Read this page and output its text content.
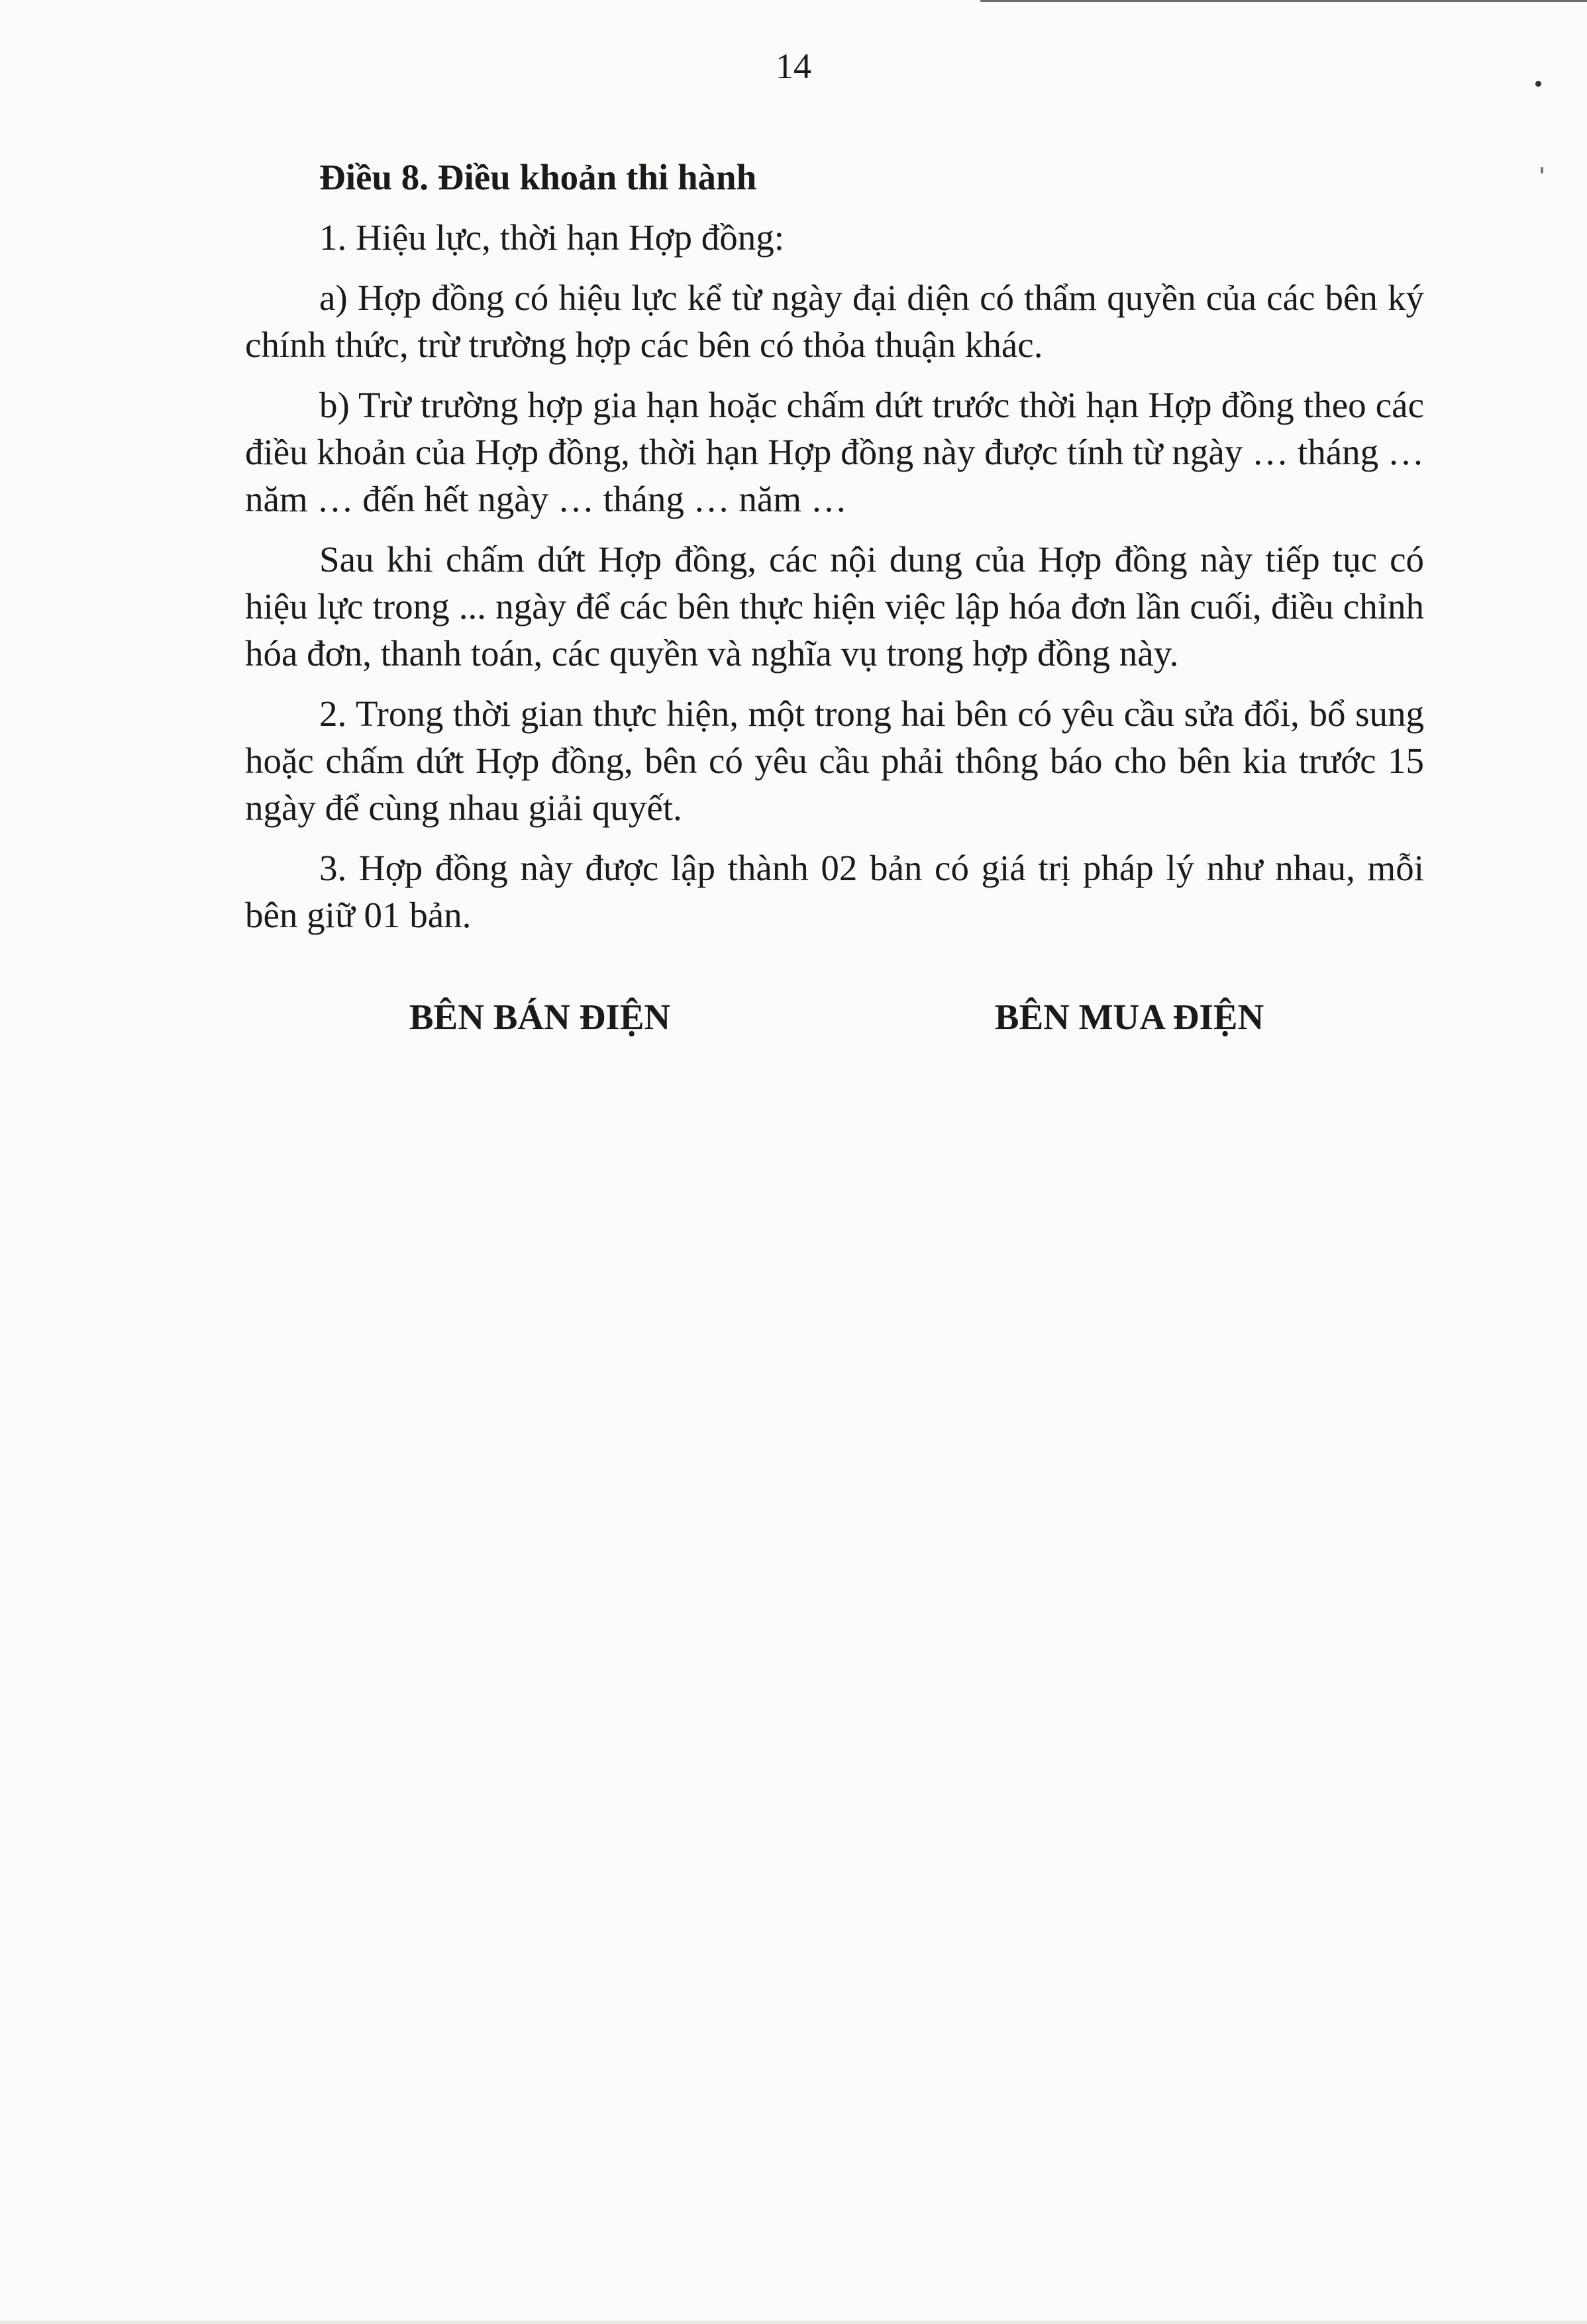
14

Điều 8. Điều khoản thi hành

1. Hiệu lực, thời hạn Hợp đồng:

a) Hợp đồng có hiệu lực kể từ ngày đại diện có thẩm quyền của các bên ký chính thức, trừ trường hợp các bên có thỏa thuận khác.

b) Trừ trường hợp gia hạn hoặc chấm dứt trước thời hạn Hợp đồng theo các điều khoản của Hợp đồng, thời hạn Hợp đồng này được tính từ ngày … tháng … năm … đến hết ngày … tháng … năm …

Sau khi chấm dứt Hợp đồng, các nội dung của Hợp đồng này tiếp tục có hiệu lực trong ... ngày để các bên thực hiện việc lập hóa đơn lần cuối, điều chỉnh hóa đơn, thanh toán, các quyền và nghĩa vụ trong hợp đồng này.

2. Trong thời gian thực hiện, một trong hai bên có yêu cầu sửa đổi, bổ sung hoặc chấm dứt Hợp đồng, bên có yêu cầu phải thông báo cho bên kia trước 15 ngày để cùng nhau giải quyết.

3. Hợp đồng này được lập thành 02 bản có giá trị pháp lý như nhau, mỗi bên giữ 01 bản.

BÊN BÁN ĐIỆN	BÊN MUA ĐIỆN
